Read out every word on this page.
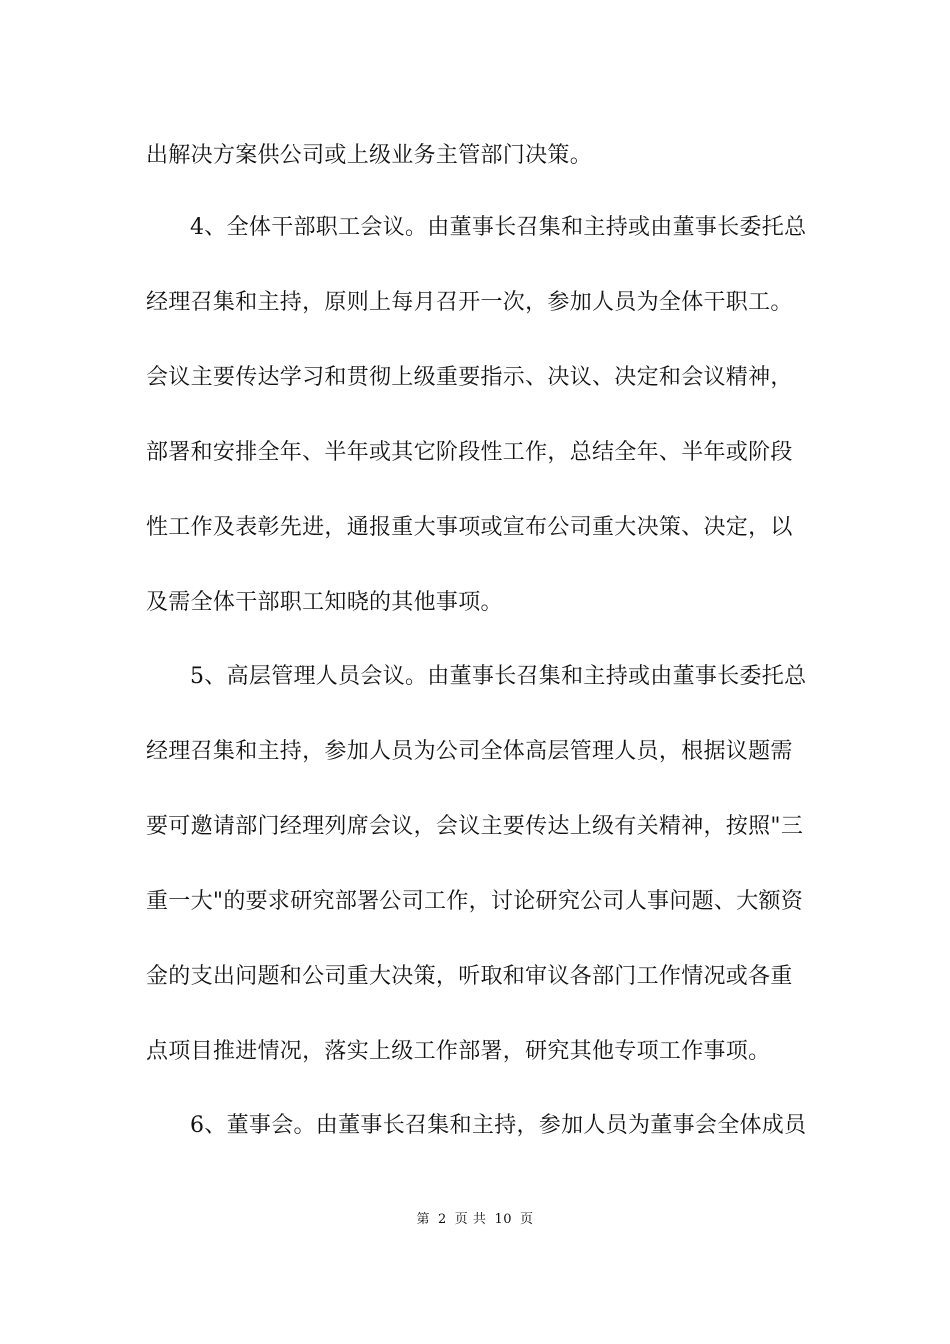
出解决方案供公司或上级业务主管部门决策。
4、全体干部职工会议。由董事长召集和主持或由董事长委托总
经理召集和主持，原则上每月召开一次，参加人员为全体干职工。
会议主要传达学习和贯彻上级重要指示、决议、决定和会议精神，
部署和安排全年、半年或其它阶段性工作，总结全年、半年或阶段
性工作及表彰先进，通报重大事项或宣布公司重大决策、决定，以
及需全体干部职工知晓的其他事项。
5、高层管理人员会议。由董事长召集和主持或由董事长委托总
经理召集和主持，参加人员为公司全体高层管理人员，根据议题需
要可邀请部门经理列席会议，会议主要传达上级有关精神，按照"三
重一大"的要求研究部署公司工作，讨论研究公司人事问题、大额资
金的支出问题和公司重大决策，听取和审议各部门工作情况或各重
点项目推进情况，落实上级工作部署，研究其他专项工作事项。
6、董事会。由董事长召集和主持，参加人员为董事会全体成员
第 2 页 共 10 页
